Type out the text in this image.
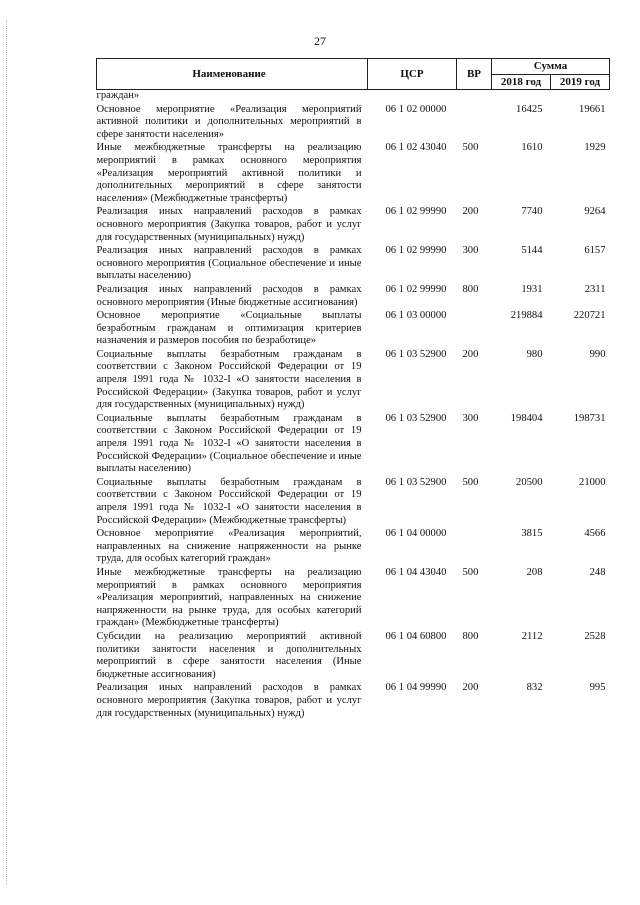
27
Наименование	ЦСР	ВР	Сумма	
			2018 год	2019 год
граждан»				
Основное мероприятие «Реализация мероприятий активной политики и дополнительных мероприятий в сфере занятости населения»	06 1 02 00000		16425	19661
Иные межбюджетные трансферты на реализацию мероприятий в рамках основного мероприятия «Реализация мероприятий активной политики и дополнительных мероприятий в сфере занятости населения» (Межбюджетные трансферты)	06 1 02 43040	500	1610	1929
Реализация иных направлений расходов в рамках основного мероприятия (Закупка товаров, работ и услуг для государственных (муниципальных) нужд)	06 1 02 99990	200	7740	9264
Реализация иных направлений расходов в рамках основного мероприятия (Социальное обеспечение и иные выплаты населению)	06 1 02 99990	300	5144	6157
Реализация иных направлений расходов в рамках основного мероприятия (Иные бюджетные ассигнования)	06 1 02 99990	800	1931	2311
Основное мероприятие «Социальные выплаты безработным гражданам и оптимизация критериев назначения и размеров пособия по безработице»	06 1 03 00000		219884	220721
Социальные выплаты безработным гражданам в соответствии с Законом Российской Федерации от 19 апреля 1991 года № 1032-I «О занятости населения в Российской Федерации» (Закупка товаров, работ и услуг для государственных (муниципальных) нужд)	06 1 03 52900	200	980	990
Социальные выплаты безработным гражданам в соответствии с Законом Российской Федерации от 19 апреля 1991 года № 1032-I «О занятости населения в Российской Федерации» (Социальное обеспечение и иные выплаты населению)	06 1 03 52900	300	198404	198731
Социальные выплаты безработным гражданам в соответствии с Законом Российской Федерации от 19 апреля 1991 года № 1032-I «О занятости населения в Российской Федерации» (Межбюджетные трансферты)	06 1 03 52900	500	20500	21000
Основное мероприятие «Реализация мероприятий, направленных на снижение напряженности на рынке труда, для особых категорий граждан»	06 1 04 00000		3815	4566
Иные межбюджетные трансферты на реализацию мероприятий в рамках основного мероприятия «Реализация мероприятий, направленных на снижение напряженности на рынке труда, для особых категорий граждан» (Межбюджетные трансферты)	06 1 04 43040	500	208	248
Субсидии на реализацию мероприятий активной политики занятости населения и дополнительных мероприятий в сфере занятости населения (Иные бюджетные ассигнования)	06 1 04 60800	800	2112	2528
Реализация иных направлений расходов в рамках основного мероприятия (Закупка товаров, работ и услуг для государственных (муниципальных) нужд)	06 1 04 99990	200	832	995
